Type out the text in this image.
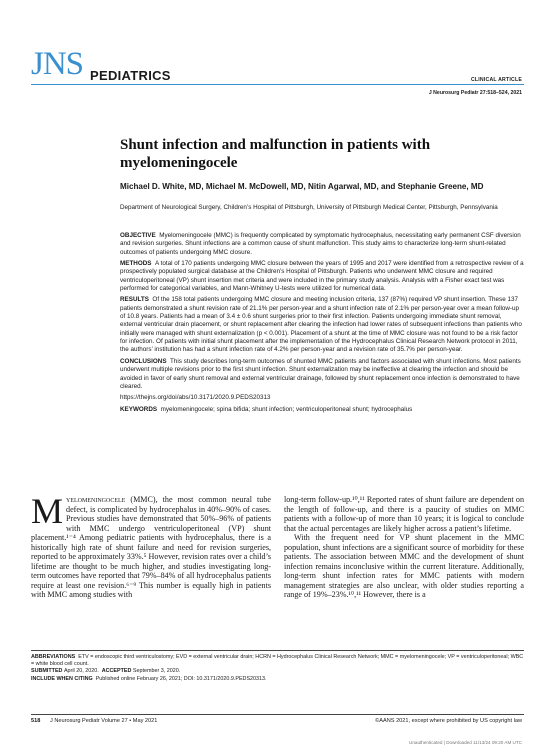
JNS PEDIATRICS	CLINICAL ARTICLE
J Neurosurg Pediatr 27:518–524, 2021
Shunt infection and malfunction in patients with myelomeningocele
Michael D. White, MD, Michael M. McDowell, MD, Nitin Agarwal, MD, and Stephanie Greene, MD
Department of Neurological Surgery, Children’s Hospital of Pittsburgh, University of Pittsburgh Medical Center, Pittsburgh, Pennsylvania

OBJECTIVE Myelomeningocele (MMC) is frequently complicated by symptomatic hydrocephalus, necessitating early permanent CSF diversion and revision surgeries. Shunt infections are a common cause of shunt malfunction. This study aims to characterize long-term shunt-related outcomes of patients undergoing MMC closure.

METHODS A total of 170 patients undergoing MMC closure between the years of 1995 and 2017 were identified from a retrospective review of a prospectively populated surgical database at the Children’s Hospital of Pittsburgh. Patients who underwent MMC closure and required ventriculoperitoneal (VP) shunt insertion met criteria and were included in the primary study analysis. Analysis with a Fisher exact test was performed for categorical variables, and Mann-Whitney U-tests were utilized for numerical data.

RESULTS Of the 158 total patients undergoing MMC closure and meeting inclusion criteria, 137 (87%) required VP shunt insertion. These 137 patients demonstrated a shunt revision rate of 21.1% per person-year and a shunt infection rate of 2.1% per person-year over a mean follow-up of 10.8 years. Patients had a mean of 3.4 ± 0.6 shunt surgeries prior to their first infection. Patients undergoing immediate shunt removal, external ventricular drain placement, or shunt replacement after clearing the infection had lower rates of subsequent infections than patients who initially were managed with shunt externalization (p < 0.001). Placement of a shunt at the time of MMC closure was not found to be a risk factor for infection. Of patients with initial shunt placement after the implementation of the Hydrocephalus Clinical Research Network protocol in 2011, the authors’ institution has had a shunt infection rate of 4.2% per person-year and a revision rate of 35.7% per person-year.

CONCLUSIONS This study describes long-term outcomes of shunted MMC patients and factors associated with shunt infections. Most patients underwent multiple revisions prior to the first shunt infection. Shunt externalization may be ineffective at clearing the infection and should be avoided in favor of early shunt removal and external ventricular drainage, followed by shunt replacement once infection is demonstrated to have cleared.

https://thejns.org/doi/abs/10.3171/2020.9.PEDS20313

KEYWORDS myelomeningocele; spina bifida; shunt infection; ventriculoperitoneal shunt; hydrocephalus

Myelomeningocele (MMC), the most common neural tube defect, is complicated by hydrocephalus in 40%–90% of cases. Previous studies have demonstrated that 50%–96% of patients with MMC undergo ventriculoperitoneal (VP) shunt placement.¹⁻⁴ Among pediatric patients with hydrocephalus, there is a historically high rate of shunt failure and need for revision surgeries, reported to be approximately 33%.⁵ However, revision rates over a child’s lifetime are thought to be much higher, and studies investigating long-term outcomes have reported that 79%–84% of all hydrocephalus patients require at least one revision.⁶⁻⁹ This number is equally high in patients with MMC among studies with

long-term follow-up.¹⁰,¹¹ Reported rates of shunt failure are dependent on the length of follow-up, and there is a paucity of studies on MMC patients with a follow-up of more than 10 years; it is logical to conclude that the actual percentages are likely higher across a patient’s lifetime.

With the frequent need for VP shunt placement in the MMC population, shunt infections are a significant source of morbidity for these patients. The association between MMC and the development of shunt infection remains inconclusive within the current literature. Additionally, long-term shunt infection rates for MMC patients with modern management strategies are also unclear, with older studies reporting a range of 19%–23%.¹⁰,¹¹ However, there is a

ABBREVIATIONS ETV = endoscopic third ventriculostomy; EVD = external ventricular drain; HCRN = Hydrocephalus Clinical Research Network; MMC = myelomeningocele; VP = ventriculoperitoneal; WBC = white blood cell count.
SUBMITTED April 20, 2020. ACCEPTED September 3, 2020.
INCLUDE WHEN CITING Published online February 26, 2021; DOI: 10.3171/2020.9.PEDS20313.
518 J Neurosurg Pediatr Volume 27 • May 2021	©AANS 2021, except where prohibited by US copyright law
Unauthenticated | Downloaded 11/13/24 09:20 AM UTC
